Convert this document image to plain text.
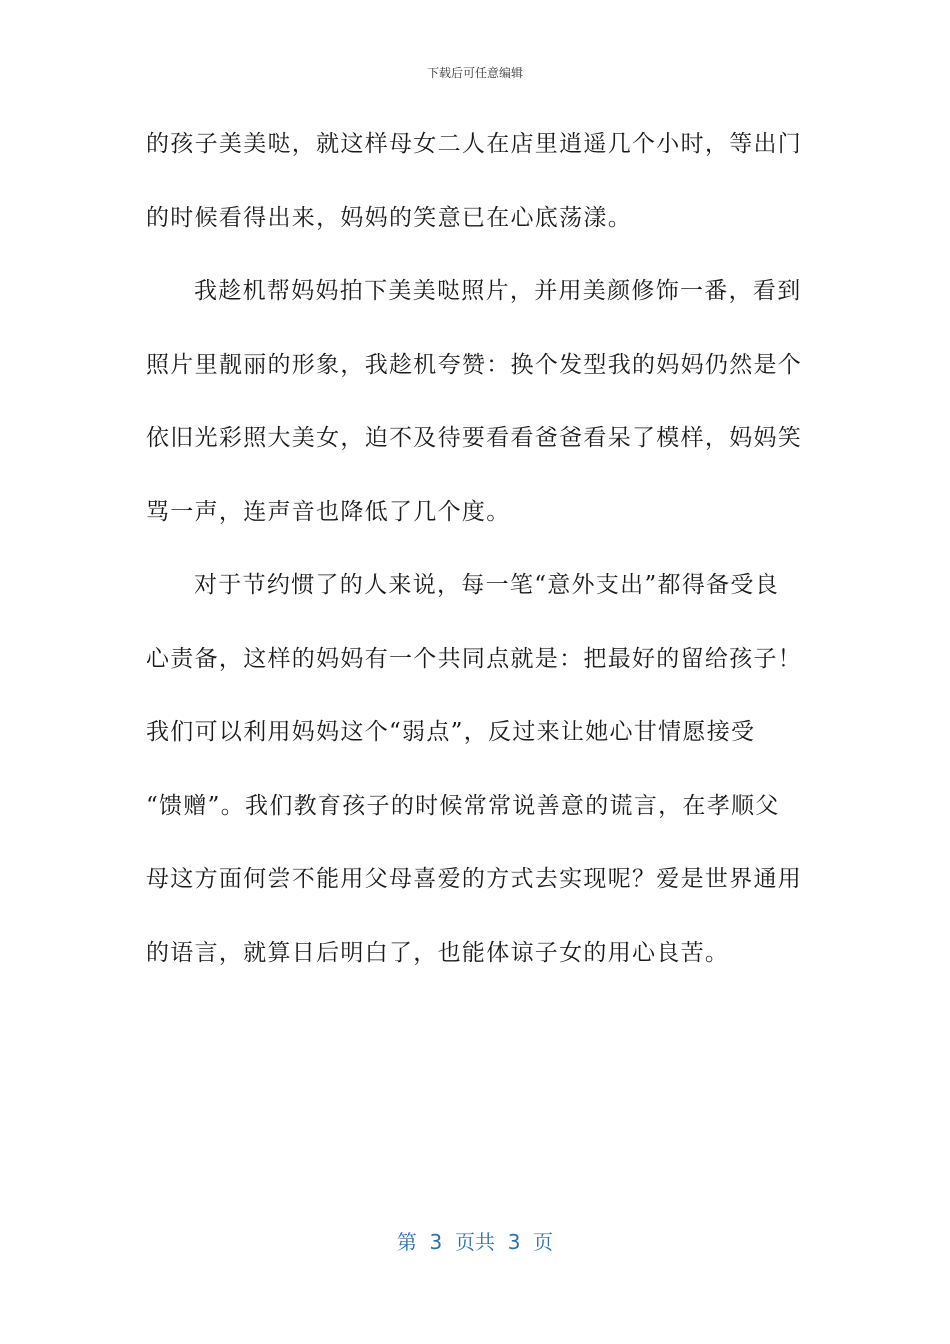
下载后可任意编辑
的孩子美美哒，就这样母女二人在店里逍遥几个小时，等出门
的时候看得出来，妈妈的笑意已在心底荡漾。
我趁机帮妈妈拍下美美哒照片，并用美颜修饰一番，看到
照片里靓丽的形象，我趁机夸赞：换个发型我的妈妈仍然是个
依旧光彩照大美女，迫不及待要看看爸爸看呆了模样，妈妈笑
骂一声，连声音也降低了几个度。
对于节约惯了的人来说，每一笔“意外支出”都得备受良
心责备，这样的妈妈有一个共同点就是：把最好的留给孩子！
我们可以利用妈妈这个“弱点”，反过来让她心甘情愿接受
“馈赠”。我们教育孩子的时候常常说善意的谎言，在孝顺父
母这方面何尝不能用父母喜爱的方式去实现呢？爱是世界通用
的语言，就算日后明白了，也能体谅子女的用心良苦。
第  3  页共  3  页
